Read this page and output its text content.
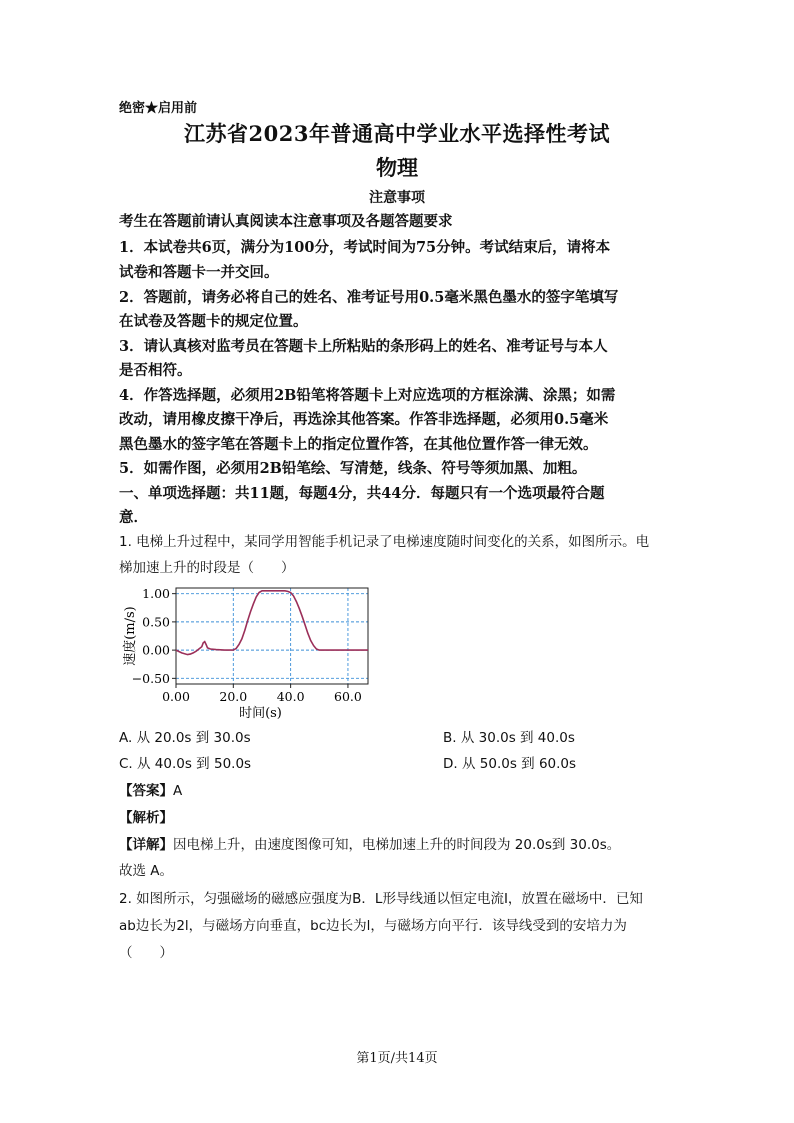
绝密★启用前
江苏省2023年普通高中学业水平选择性考试
物理
注意事项
考生在答题前请认真阅读本注意事项及各题答题要求
1．本试卷共6页，满分为100分，考试时间为75分钟。考试结束后，请将本
试卷和答题卡一并交回。
2．答题前，请务必将自己的姓名、准考证号用0.5毫米黑色墨水的签字笔填写
在试卷及答题卡的规定位置。
3．请认真核对监考员在答题卡上所粘贴的条形码上的姓名、准考证号与本人
是否相符。
4．作答选择题，必须用2B铅笔将答题卡上对应选项的方框涂满、涂黑；如需
改动，请用橡皮擦干净后，再选涂其他答案。作答非选择题，必须用0.5毫米
黑色墨水的签字笔在答题卡上的指定位置作答，在其他位置作答一律无效。
5．如需作图，必须用2B铅笔绘、写清楚，线条、符号等须加黑、加粗。
一、单项选择题：共11题，每题4分，共44分．每题只有一个选项最符合题
意．
1. 电梯上升过程中，某同学用智能手机记录了电梯速度随时间变化的关系，如图所示。电
梯加速上升的时段是（　　）
1.00
0.50
0.00
−0.50
0.00 20.0 40.0 60.0
速度(m/s)
时间(s)
A. 从 20.0s 到 30.0s	B. 从 30.0s 到 40.0s
C. 从 40.0s 到 50.0s	D. 从 50.0s 到 60.0s
【答案】A
【解析】
【详解】因电梯上升，由速度图像可知，电梯加速上升的时间段为 20.0s到 30.0s。
故选 A。
2. 如图所示，匀强磁场的磁感应强度为B．L形导线通以恒定电流I，放置在磁场中．已知
ab边长为2l，与磁场方向垂直，bc边长为l，与磁场方向平行．该导线受到的安培力为
（　　）
第1页/共14页
